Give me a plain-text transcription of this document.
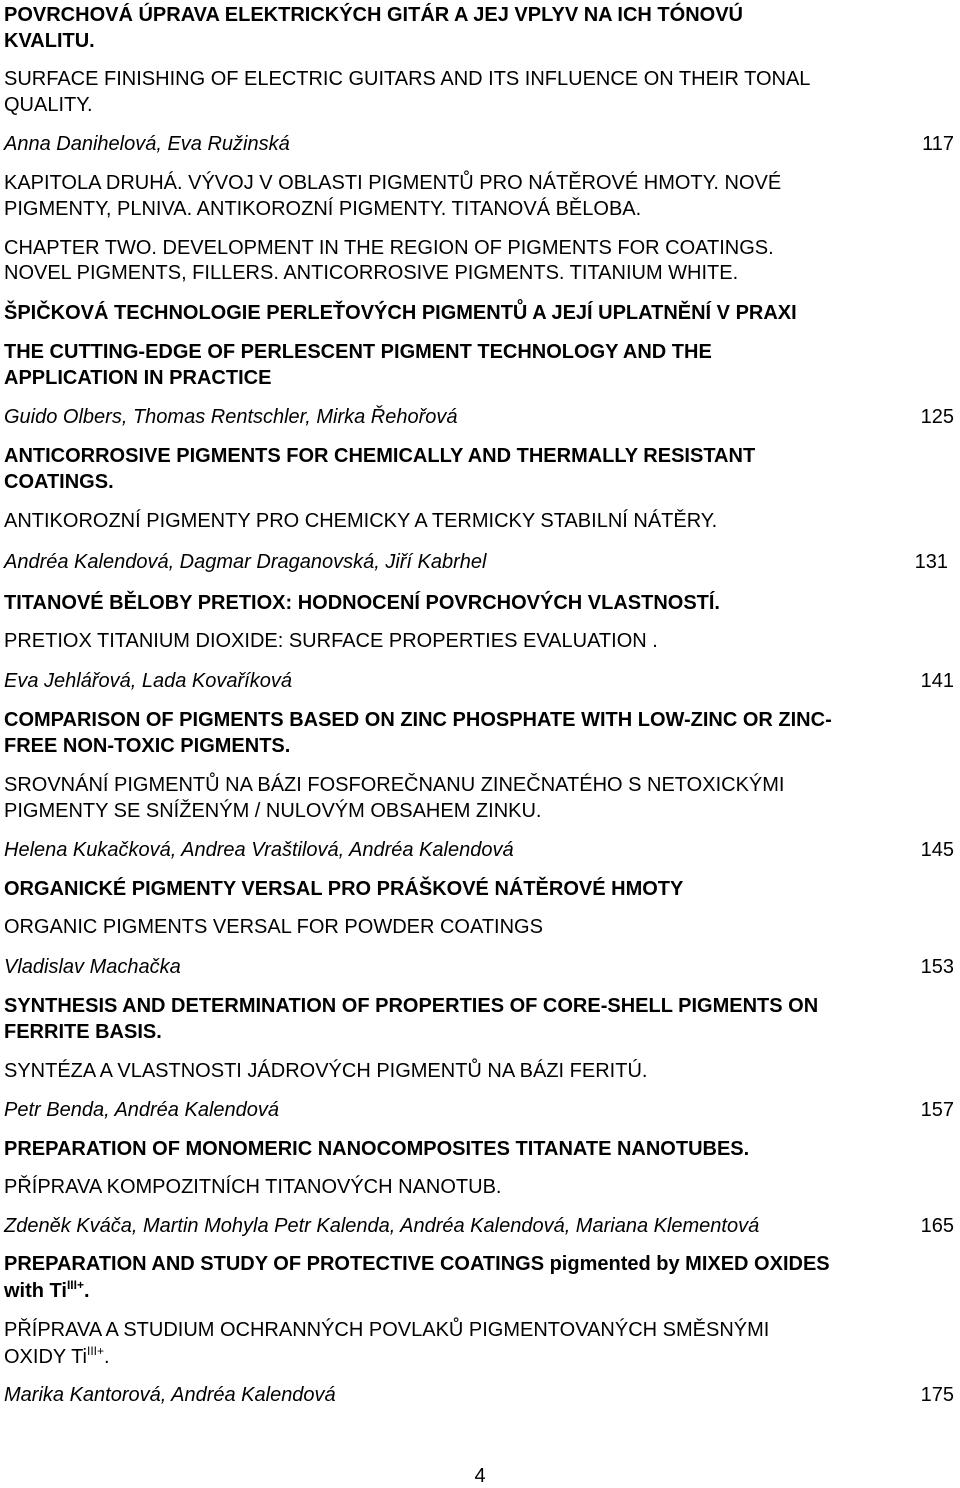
POVRCHOVÁ ÚPRAVA ELEKTRICKÝCH GITÁR A JEJ VPLYV NA ICH TÓNOVÚ
KVALITU.
SURFACE FINISHING OF ELECTRIC GUITARS AND ITS INFLUENCE ON THEIR TONAL
QUALITY.
Anna Danihelová, Eva Ružinská	117
KAPITOLA DRUHÁ. VÝVOJ V OBLASTI PIGMENTŮ PRO NÁTĚROVÉ HMOTY. NOVÉ
PIGMENTY, PLNIVA. ANTIKOROZNÍ PIGMENTY. TITANOVÁ BĚLOBA.
CHAPTER TWO. DEVELOPMENT IN THE REGION OF PIGMENTS FOR COATINGS.
NOVEL PIGMENTS, FILLERS. ANTICORROSIVE PIGMENTS. TITANIUM WHITE.
ŠPIČKOVÁ TECHNOLOGIE PERLEŤOVÝCH PIGMENTŮ A JEJÍ UPLATNĚNÍ V PRAXI
THE CUTTING-EDGE OF PERLESCENT PIGMENT TECHNOLOGY AND THE
APPLICATION IN PRACTICE
Guido Olbers, Thomas Rentschler, Mirka Řehořová	125
ANTICORROSIVE PIGMENTS FOR CHEMICALLY AND THERMALLY RESISTANT
COATINGS.
ANTIKOROZNÍ PIGMENTY PRO CHEMICKY A TERMICKY STABILNÍ NÁTĚRY.
Andréa Kalendová, Dagmar Draganovská, Jiří Kabrhel	131
TITANOVÉ BĚLOBY PRETIOX: HODNOCENÍ POVRCHOVÝCH VLASTNOSTÍ.
PRETIOX TITANIUM DIOXIDE: SURFACE PROPERTIES EVALUATION .
Eva Jehlářová, Lada Kovaříková	141
COMPARISON OF PIGMENTS BASED ON ZINC PHOSPHATE WITH LOW-ZINC OR ZINC-
FREE NON-TOXIC PIGMENTS.
SROVNÁNÍ PIGMENTŮ NA BÁZI FOSFOREČNANU ZINEČNATÉHO S NETOXICKÝMI
PIGMENTY SE SNÍŽENÝM / NULOVÝM OBSAHEM ZINKU.
Helena Kukačková, Andrea Vraštilová, Andréa Kalendová	145
ORGANICKÉ PIGMENTY VERSAL PRO PRÁŠKOVÉ NÁTĚROVÉ HMOTY
ORGANIC PIGMENTS VERSAL FOR POWDER COATINGS
Vladislav Machačka	153
SYNTHESIS AND DETERMINATION OF PROPERTIES OF CORE-SHELL PIGMENTS ON
FERRITE BASIS.
SYNTÉZA A VLASTNOSTI JÁDROVÝCH PIGMENTŮ NA BÁZI FERITÚ.
Petr Benda, Andréa Kalendová	157
PREPARATION OF MONOMERIC NANOCOMPOSITES TITANATE NANOTUBES.
PŘÍPRAVA KOMPOZITNÍCH TITANOVÝCH NANOTUB.
Zdeněk Kváča, Martin Mohyla Petr Kalenda, Andréa Kalendová, Mariana Klementová	165
PREPARATION AND STUDY OF PROTECTIVE COATINGS pigmented by MIXED OXIDES
with $Ti^{III+}$.
PŘÍPRAVA A STUDIUM OCHRANNÝCH POVLAKŮ PIGMENTOVANÝCH SMĚSNÝMI
OXIDY $Ti^{III+}$.
Marika Kantorová, Andréa Kalendová	175
4
